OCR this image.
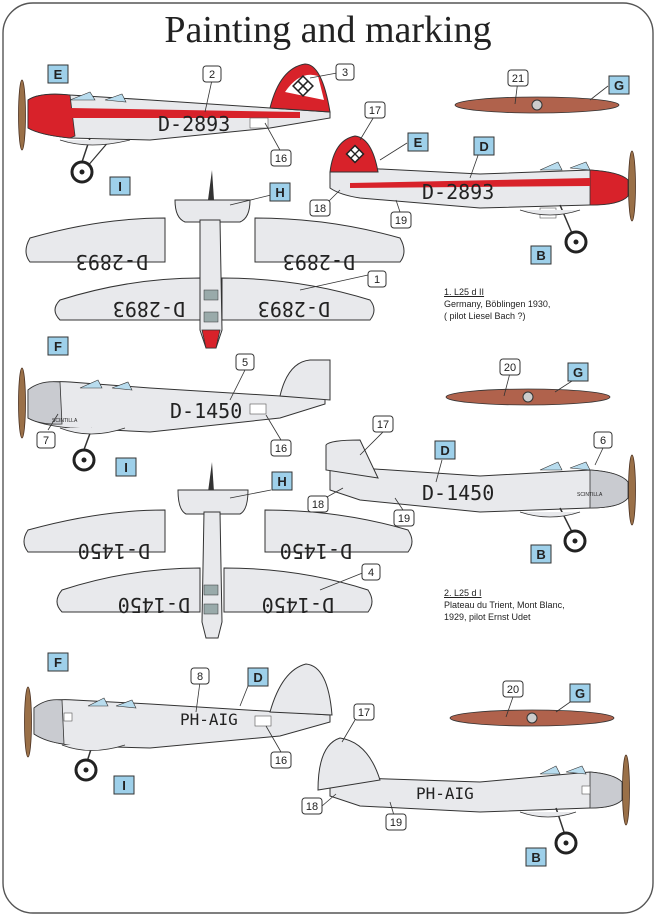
Painting and marking
1. L25 d II
Germany, Böblingen 1930,
( pilot Liesel Bach ?)
2. L25 d I
Plateau du Trient, Mont Blanc,
1929, pilot Ernst Udet
D-2893
D-2893	D-2893
D-2893	D-2893
D-2893
D-1450
SCINTILLA
D-1450	D-1450
D-1450	D-1450
D-1450	SCINTILLA
PH-AIG
PH-AIG
2	3
16
17
18
19
1
21
5
7
16
17
6
18
19
4
20
8
16
17
18
19
20
E
I	H
E	D
B
G
F
I
H
D
B
G
F
D
I
B
G
